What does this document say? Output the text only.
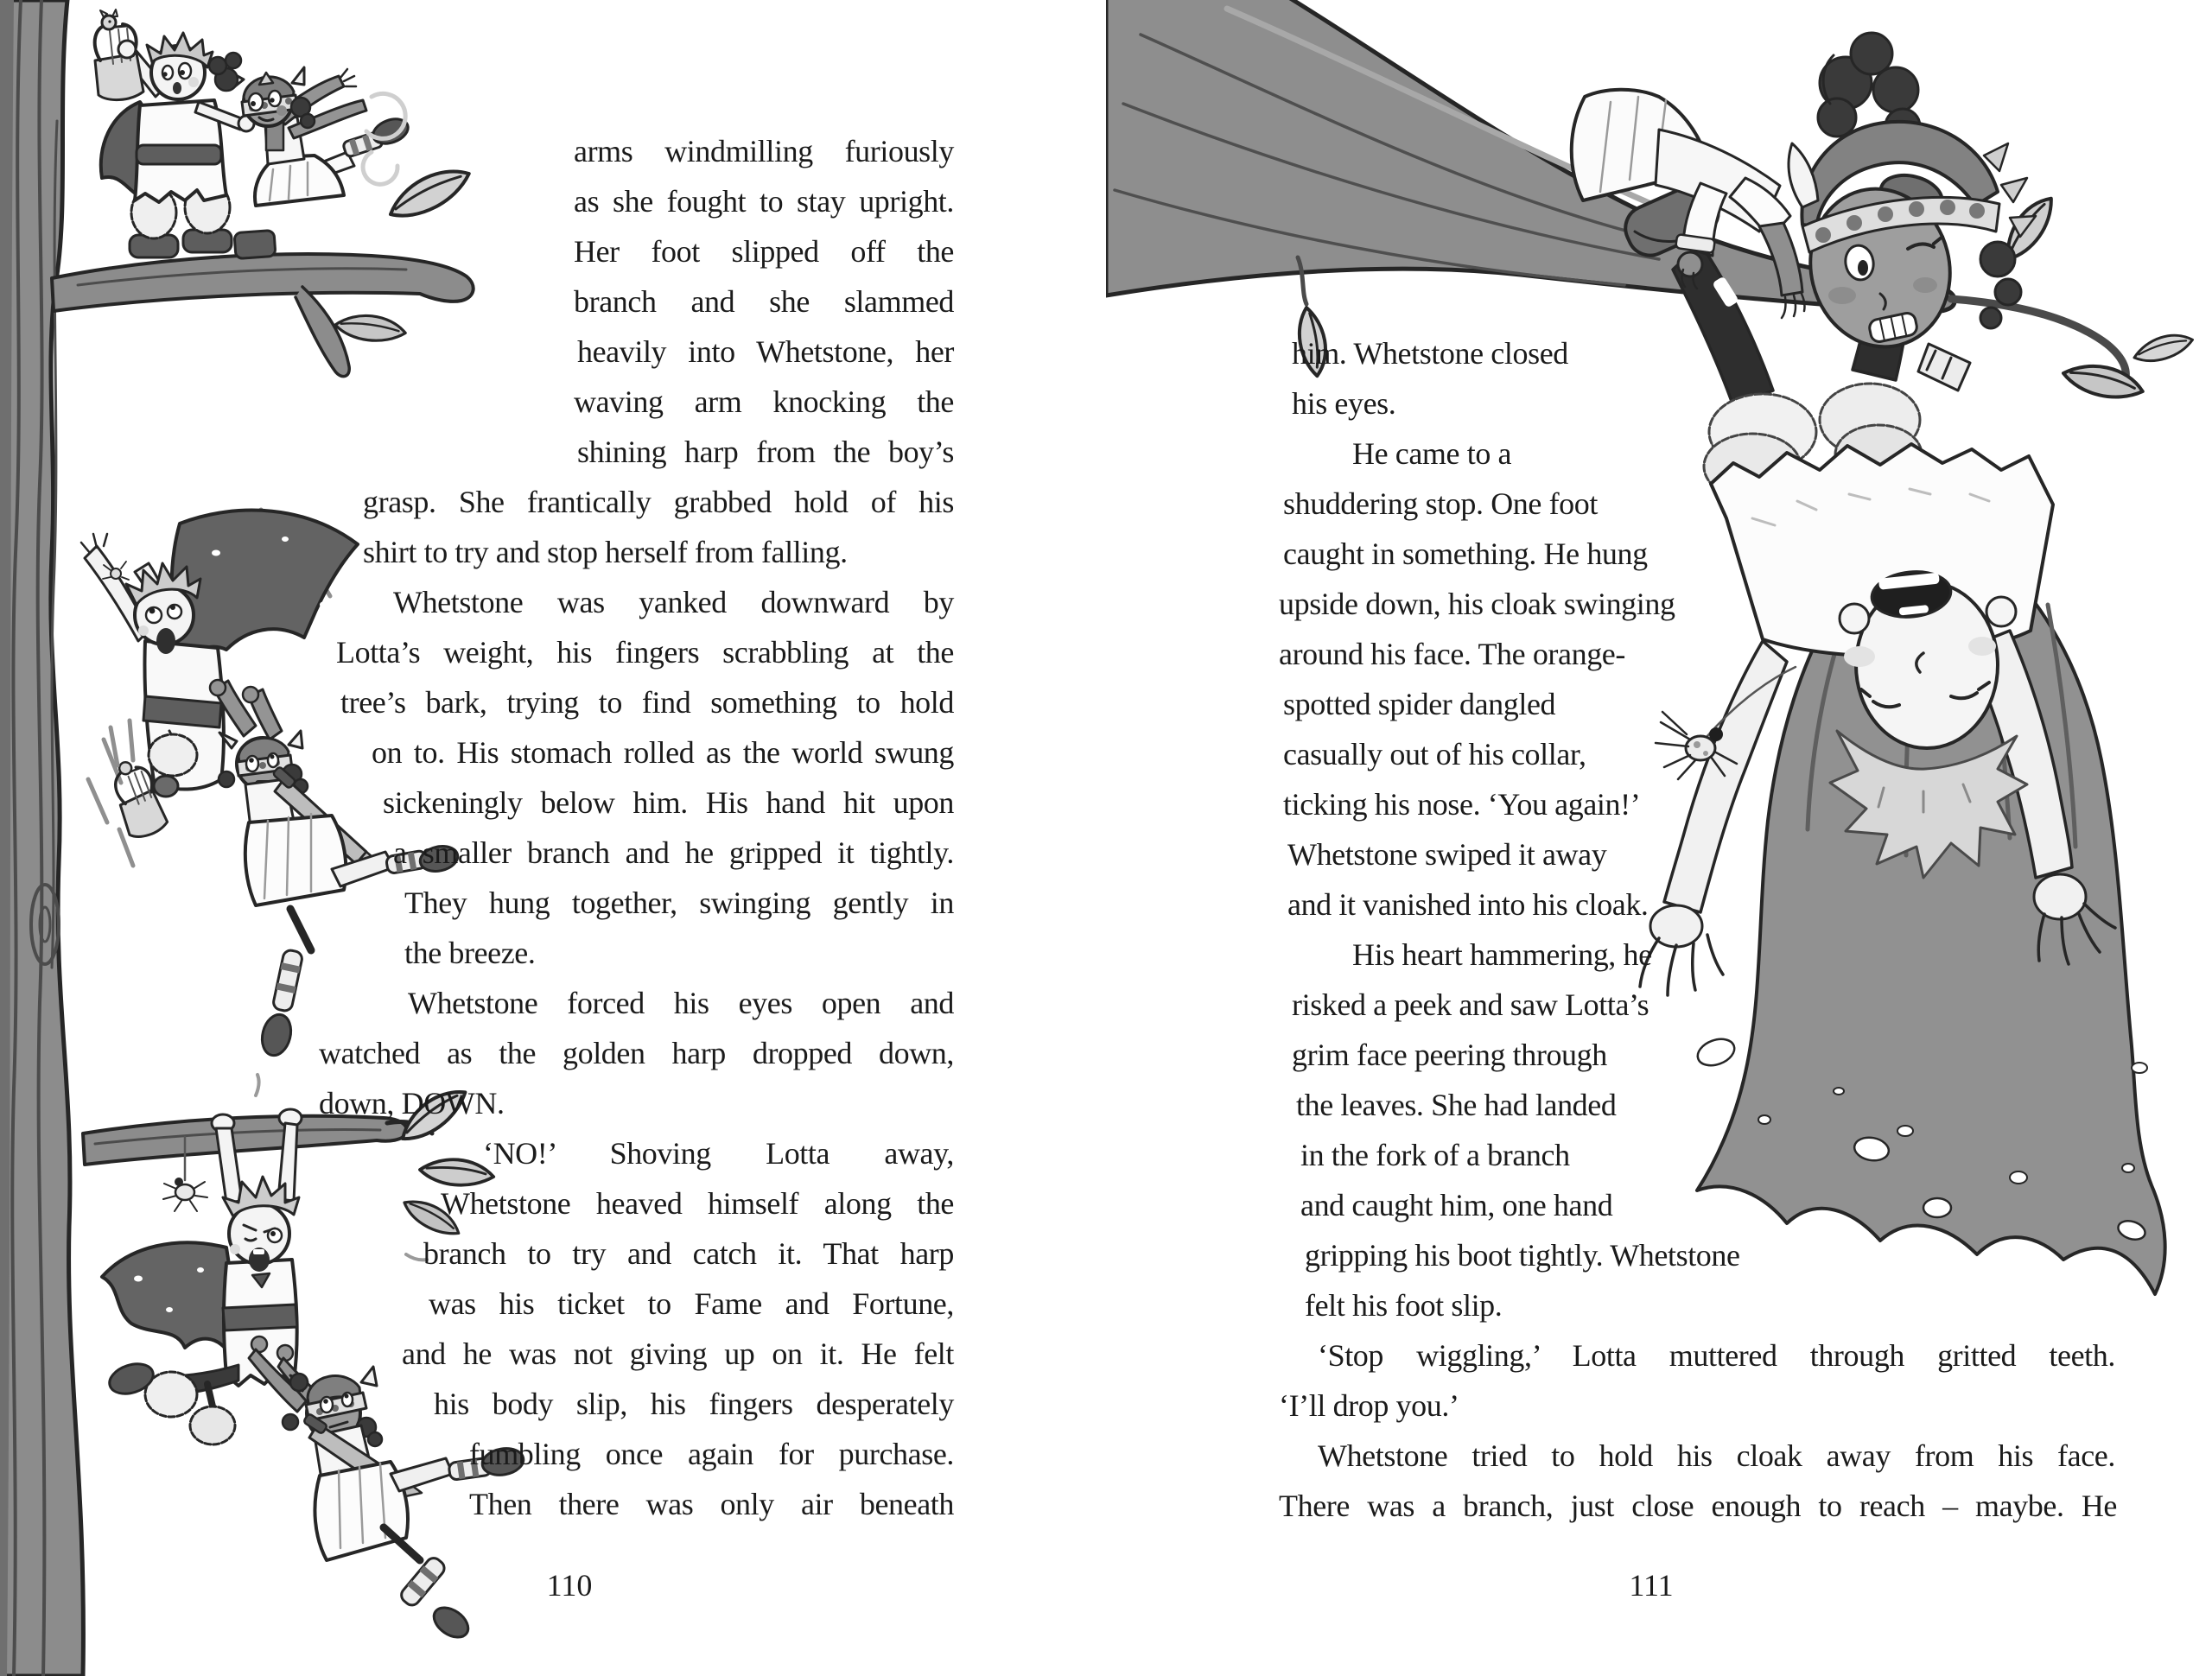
arms windmilling furiously
as she fought to stay upright.
Her foot slipped off the
branch and she slammed
heavily into Whetstone, her
waving arm knocking the
shining harp from the boy’s
grasp. She frantically grabbed hold of his
shirt to try and stop herself from falling.
Whetstone was yanked downward by
Lotta’s weight, his fingers scrabbling at the
tree’s bark, trying to find something to hold
on to. His stomach rolled as the world swung
sickeningly below him. His hand hit upon
a smaller branch and he gripped it tightly.
They hung together, swinging gently in
the breeze.
Whetstone forced his eyes open and
watched as the golden harp dropped down,
down, DOWN.
‘NO!’ Shoving Lotta away,
Whetstone heaved himself along the
branch to try and catch it. That harp
was his ticket to Fame and Fortune,
and he was not giving up on it. He felt
his body slip, his fingers desperately
fumbling once again for purchase.
Then there was only air beneath
110
him. Whetstone closed
his eyes.
He came to a
shuddering stop. One foot
caught in something. He hung
upside down, his cloak swinging
around his face. The orange-
spotted spider dangled
casually out of his collar,
ticking his nose. ‘You again!’
Whetstone swiped it away
and it vanished into his cloak.
His heart hammering, he
risked a peek and saw Lotta’s
grim face peering through
the leaves. She had landed
in the fork of a branch
and caught him, one hand
gripping his boot tightly. Whetstone
felt his foot slip.
‘Stop wiggling,’ Lotta muttered through gritted teeth.
‘I’ll drop you.’
Whetstone tried to hold his cloak away from his face.
There was a branch, just close enough to reach – maybe. He
111
